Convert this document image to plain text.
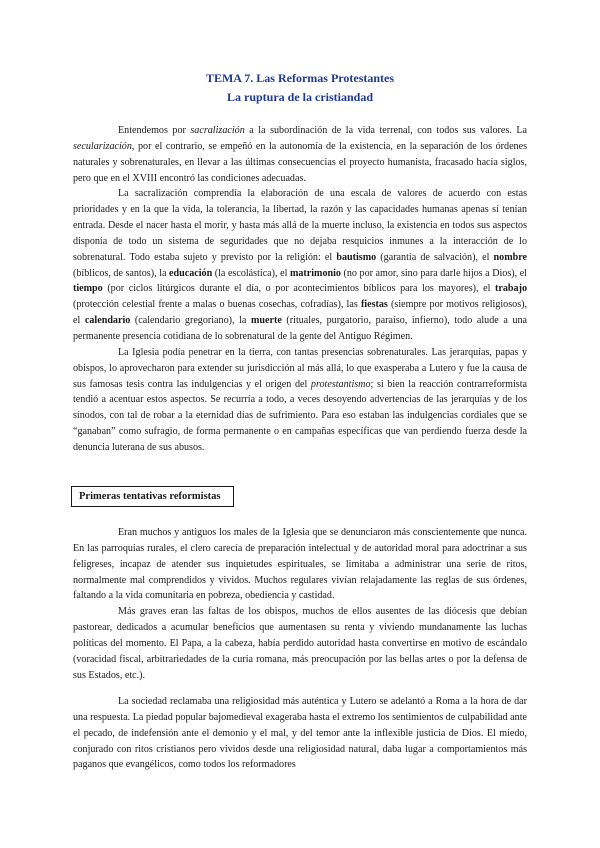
TEMA 7. Las Reformas Protestantes
La ruptura de la cristiandad

Entendemos por sacralización a la subordinación de la vida terrenal, con todos sus valores. La secularización, por el contrario, se empeñó en la autonomía de la existencia, en la separación de los órdenes naturales y sobrenaturales, en llevar a las últimas consecuencias el proyecto humanista, fracasado hacía siglos, pero que en el XVIII encontró las condiciones adecuadas.

La sacralización comprendía la elaboración de una escala de valores de acuerdo con estas prioridades y en la que la vida, la tolerancia, la libertad, la razón y las capacidades humanas apenas sí tenían entrada. Desde el nacer hasta el morir, y hasta más allá de la muerte incluso, la existencia en todos sus aspectos disponía de todo un sistema de seguridades que no dejaba resquicios inmunes a la interacción de lo sobrenatural. Todo estaba sujeto y previsto por la religión: el bautismo (garantía de salvación), el nombre (bíblicos, de santos), la educación (la escolástica), el matrimonio (no por amor, sino para darle hijos a Dios), el tiempo (por ciclos litúrgicos durante el día, o por acontecimientos bíblicos para los mayores), el trabajo (protección celestial frente a malas o buenas cosechas, cofradías), las fiestas (siempre por motivos religiosos), el calendario (calendario gregoriano), la muerte (rituales, purgatorio, paraíso, infierno), todo alude a una permanente presencia cotidiana de lo sobrenatural de la gente del Antiguo Régimen.

La Iglesia podía penetrar en la tierra, con tantas presencias sobrenaturales. Las jerarquías, papas y obispos, lo aprovecharon para extender su jurisdicción al más allá, lo que exasperaba a Lutero y fue la causa de sus famosas tesis contra las indulgencias y el origen del protestantismo; si bien la reacción contrarreformista tendió a acentuar estos aspectos. Se recurría a todo, a veces desoyendo advertencias de las jerarquías y de los sínodos, con tal de robar a la eternidad días de sufrimiento. Para eso estaban las indulgencias cordiales que se “ganaban” como sufragio, de forma permanente o en campañas específicas que van perdiendo fuerza desde la denuncia luterana de sus abusos.

Primeras tentativas reformistas

Eran muchos y antiguos los males de la Iglesia que se denunciaron más conscientemente que nunca. En las parroquias rurales, el clero carecía de preparación intelectual y de autoridad moral para adoctrinar a sus feligreses, incapaz de atender sus inquietudes espirituales, se limitaba a administrar una serie de ritos, normalmente mal comprendidos y vividos. Muchos regulares vivían relajadamente las reglas de sus órdenes, faltando a la vida comunitaria en pobreza, obediencia y castidad.

Más graves eran las faltas de los obispos, muchos de ellos ausentes de las diócesis que debían pastorear, dedicados a acumular beneficios que aumentasen su renta y viviendo mundanamente las luchas políticas del momento. El Papa, a la cabeza, había perdido autoridad hasta convertirse en motivo de escándalo (voracidad fiscal, arbitrariedades de la curia romana, más preocupación por las bellas artes o por la defensa de sus Estados, etc.).

La sociedad reclamaba una religiosidad más auténtica y Lutero se adelantó a Roma a la hora de dar una respuesta. La piedad popular bajomedieval exageraba hasta el extremo los sentimientos de culpabilidad ante el pecado, de indefensión ante el demonio y el mal, y del temor ante la inflexible justicia de Dios. El miedo, conjurado con ritos cristianos pero vividos desde una religiosidad natural, daba lugar a comportamientos más paganos que evangélicos, como todos los reformadores
